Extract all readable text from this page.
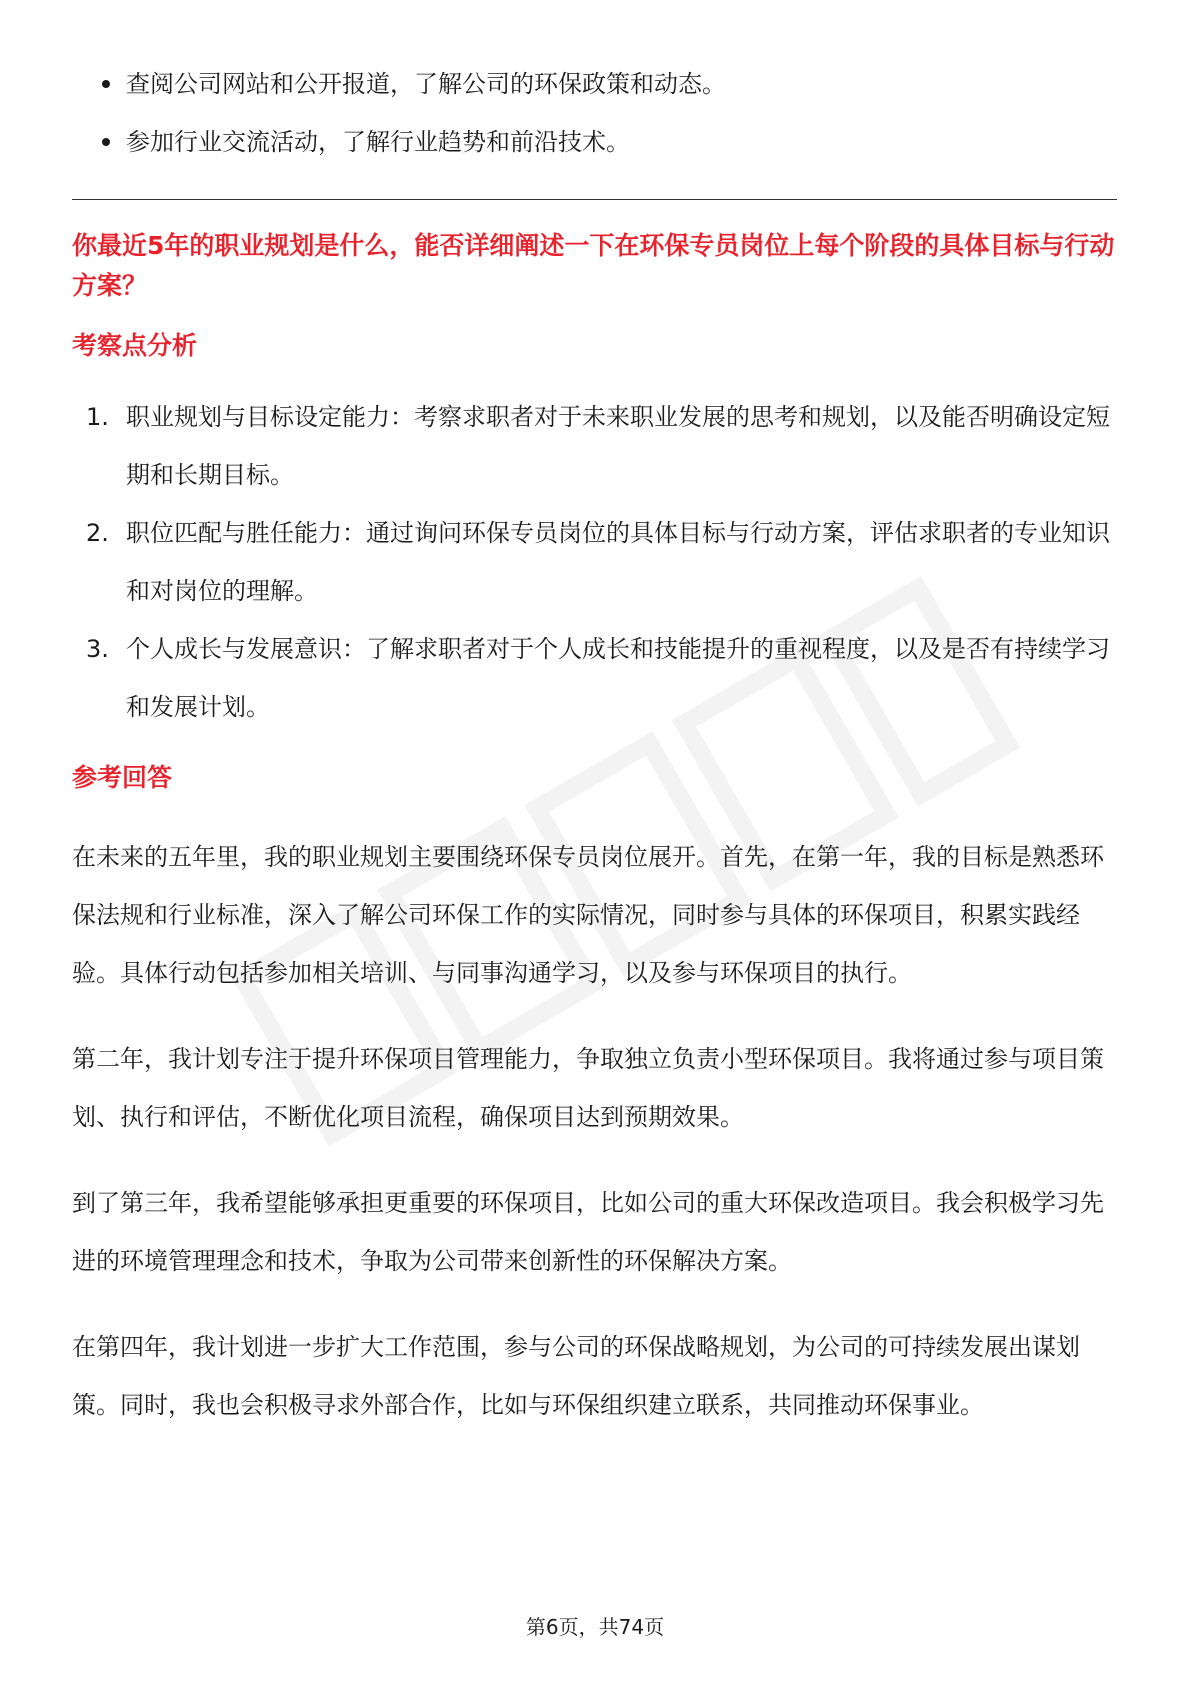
查阅公司网站和公开报道，了解公司的环保政策和动态。
参加行业交流活动，了解行业趋势和前沿技术。
你最近5年的职业规划是什么，能否详细阐述一下在环保专员岗位上每个阶段的具体目标与行动方案？
考察点分析
1. 职业规划与目标设定能力：考察求职者对于未来职业发展的思考和规划，以及能否明确设定短期和长期目标。
2. 职位匹配与胜任能力：通过询问环保专员岗位的具体目标与行动方案，评估求职者的专业知识和对岗位的理解。
3. 个人成长与发展意识：了解求职者对于个人成长和技能提升的重视程度，以及是否有持续学习和发展计划。
参考回答

在未来的五年里，我的职业规划主要围绕环保专员岗位展开。首先，在第一年，我的目标是熟悉环保法规和行业标准，深入了解公司环保工作的实际情况，同时参与具体的环保项目，积累实践经验。具体行动包括参加相关培训、与同事沟通学习，以及参与环保项目的执行。

第二年，我计划专注于提升环保项目管理能力，争取独立负责小型环保项目。我将通过参与项目策划、执行和评估，不断优化项目流程，确保项目达到预期效果。

到了第三年，我希望能够承担更重要的环保项目，比如公司的重大环保改造项目。我会积极学习先进的环境管理理念和技术，争取为公司带来创新性的环保解决方案。

在第四年，我计划进一步扩大工作范围，参与公司的环保战略规划，为公司的可持续发展出谋划策。同时，我也会积极寻求外部合作，比如与环保组织建立联系，共同推动环保事业。

第6页，共74页
